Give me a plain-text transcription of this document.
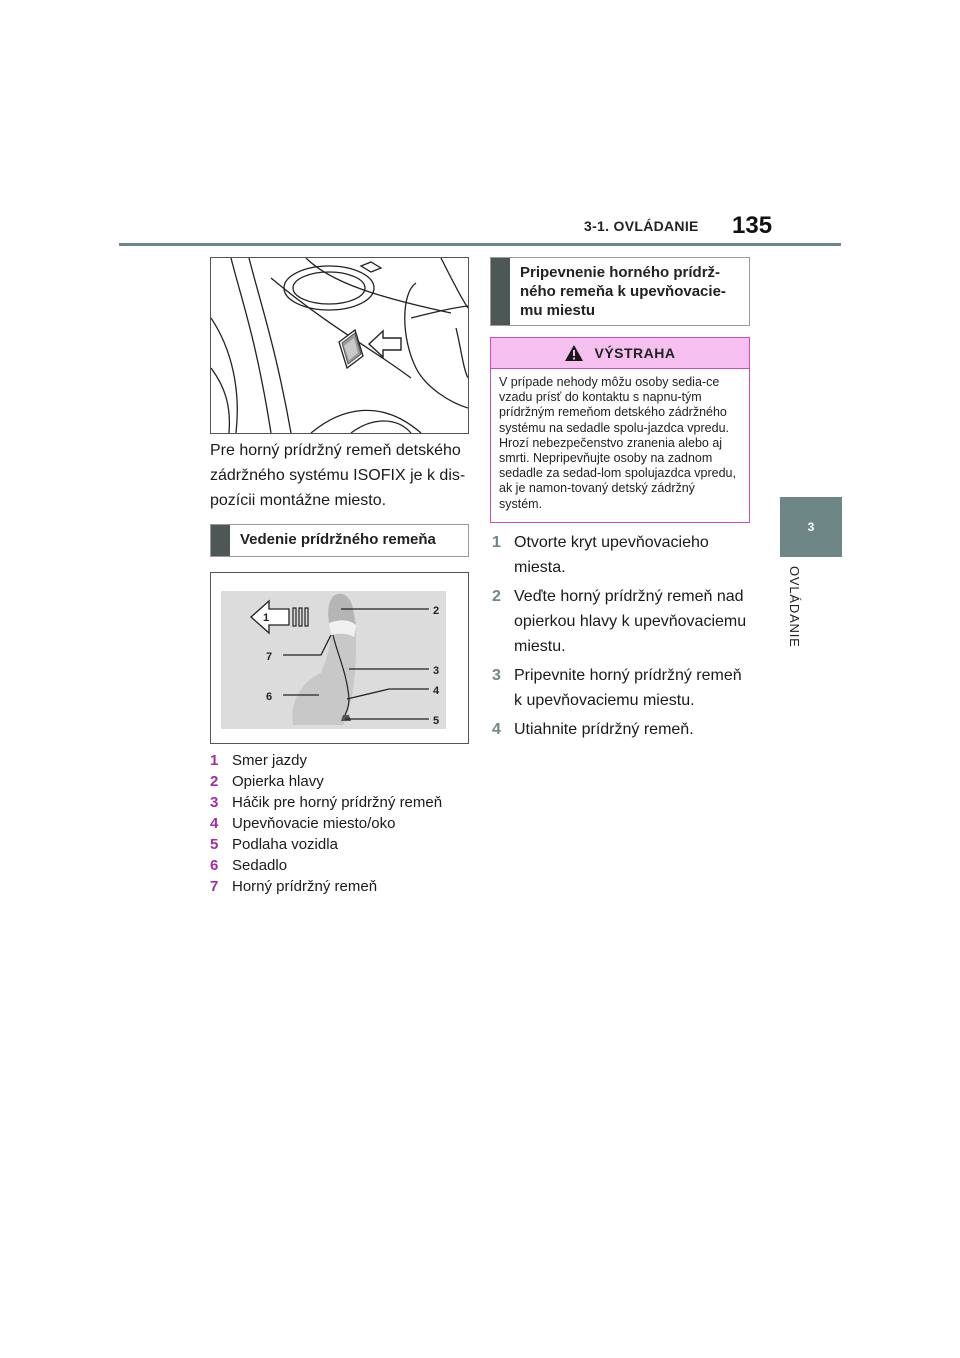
3-1. OVLÁDANIE 135
3
OVLÁDANIE
Pre horný prídržný remeň detského zádržného systému ISOFIX je k dis-pozícii montážne miesto.
Vedenie prídržného remeňa
1
2
3
4
5
6
7
1 Smer jazdy
2 Opierka hlavy
3 Háčik pre horný prídržný remeň
4 Upevňovacie miesto/oko
5 Podlaha vozidla
6 Sedadlo
7 Horný prídržný remeň
Pripevnenie horného prídrž-ného remeňa k upevňovacie-mu miestu
VÝSTRAHA
V prípade nehody môžu osoby sedia-ce vzadu prísť do kontaktu s napnu-tým prídržným remeňom detského zádržného systému na sedadle spolu-jazdca vpredu. Hrozí nebezpečenstvo zranenia alebo aj smrti. Nepripevňujte osoby na zadnom sedadle za sedad-lom spolujazdca vpredu, ak je namon-tovaný detský zádržný systém.
1 Otvorte kryt upevňovacieho miesta.
2 Veďte horný prídržný remeň nad opierkou hlavy k upevňovaciemu miestu.
3 Pripevnite horný prídržný remeň k upevňovaciemu miestu.
4 Utiahnite prídržný remeň.
